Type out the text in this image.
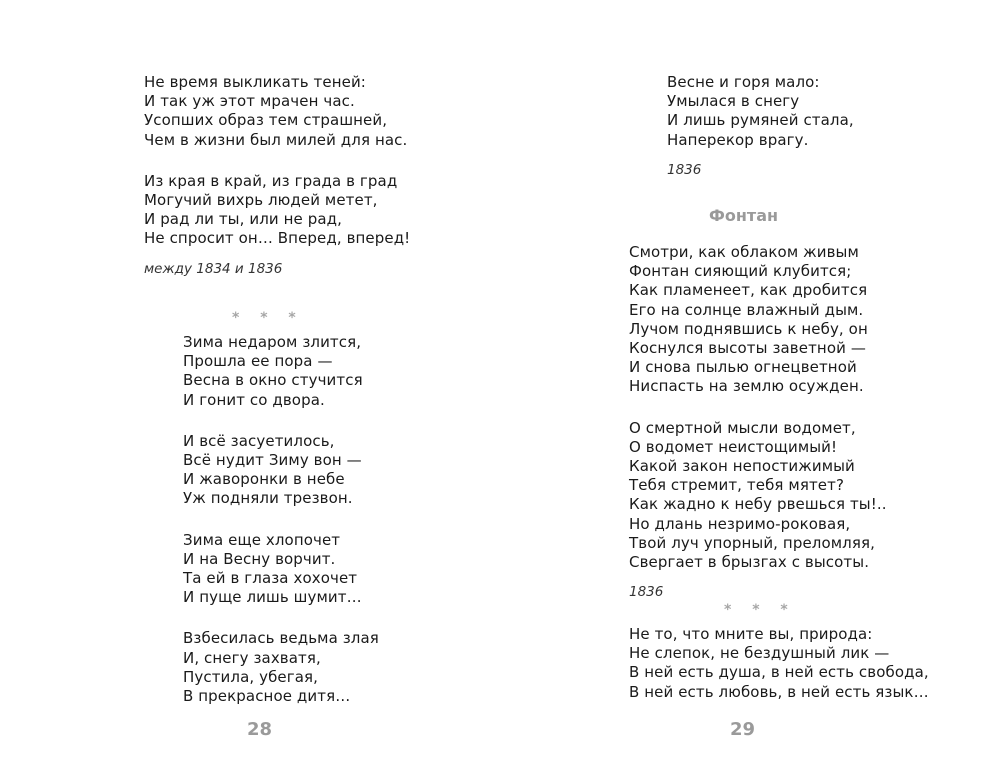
Не время выкликать теней:
И так уж этот мрачен час.
Усопших образ тем страшней,
Чем в жизни был милей для нас.
Из края в край, из града в град
Могучий вихрь людей метет,
И рад ли ты, или не рад,
Не спросит он… Вперед, вперед!
между 1834 и 1836
* * *
Зима недаром злится,
Прошла ее пора —
Весна в окно стучится
И гонит со двора.
И всё засуетилось,
Всё нудит Зиму вон —
И жаворонки в небе
Уж подняли трезвон.
Зима еще хлопочет
И на Весну ворчит.
Та ей в глаза хохочет
И пуще лишь шумит…
Взбесилась ведьма злая
И, снегу захватя,
Пустила, убегая,
В прекрасное дитя…
28
Весне и горя мало:
Умылася в снегу
И лишь румяней стала,
Наперекор врагу.
1836
Фонтан
Смотри, как облаком живым
Фонтан сияющий клубится;
Как пламенеет, как дробится
Его на солнце влажный дым.
Лучом поднявшись к небу, он
Коснулся высоты заветной —
И снова пылью огнецветной
Ниспасть на землю осужден.
О смертной мысли водомет,
О водомет неистощимый!
Какой закон непостижимый
Тебя стремит, тебя мятет?
Как жадно к небу рвешься ты!..
Но длань незримо-роковая,
Твой луч упорный, преломляя,
Свергает в брызгах с высоты.
1836
* * *
Не то, что мните вы, природа:
Не слепок, не бездушный лик —
В ней есть душа, в ней есть свобода,
В ней есть любовь, в ней есть язык…
29
